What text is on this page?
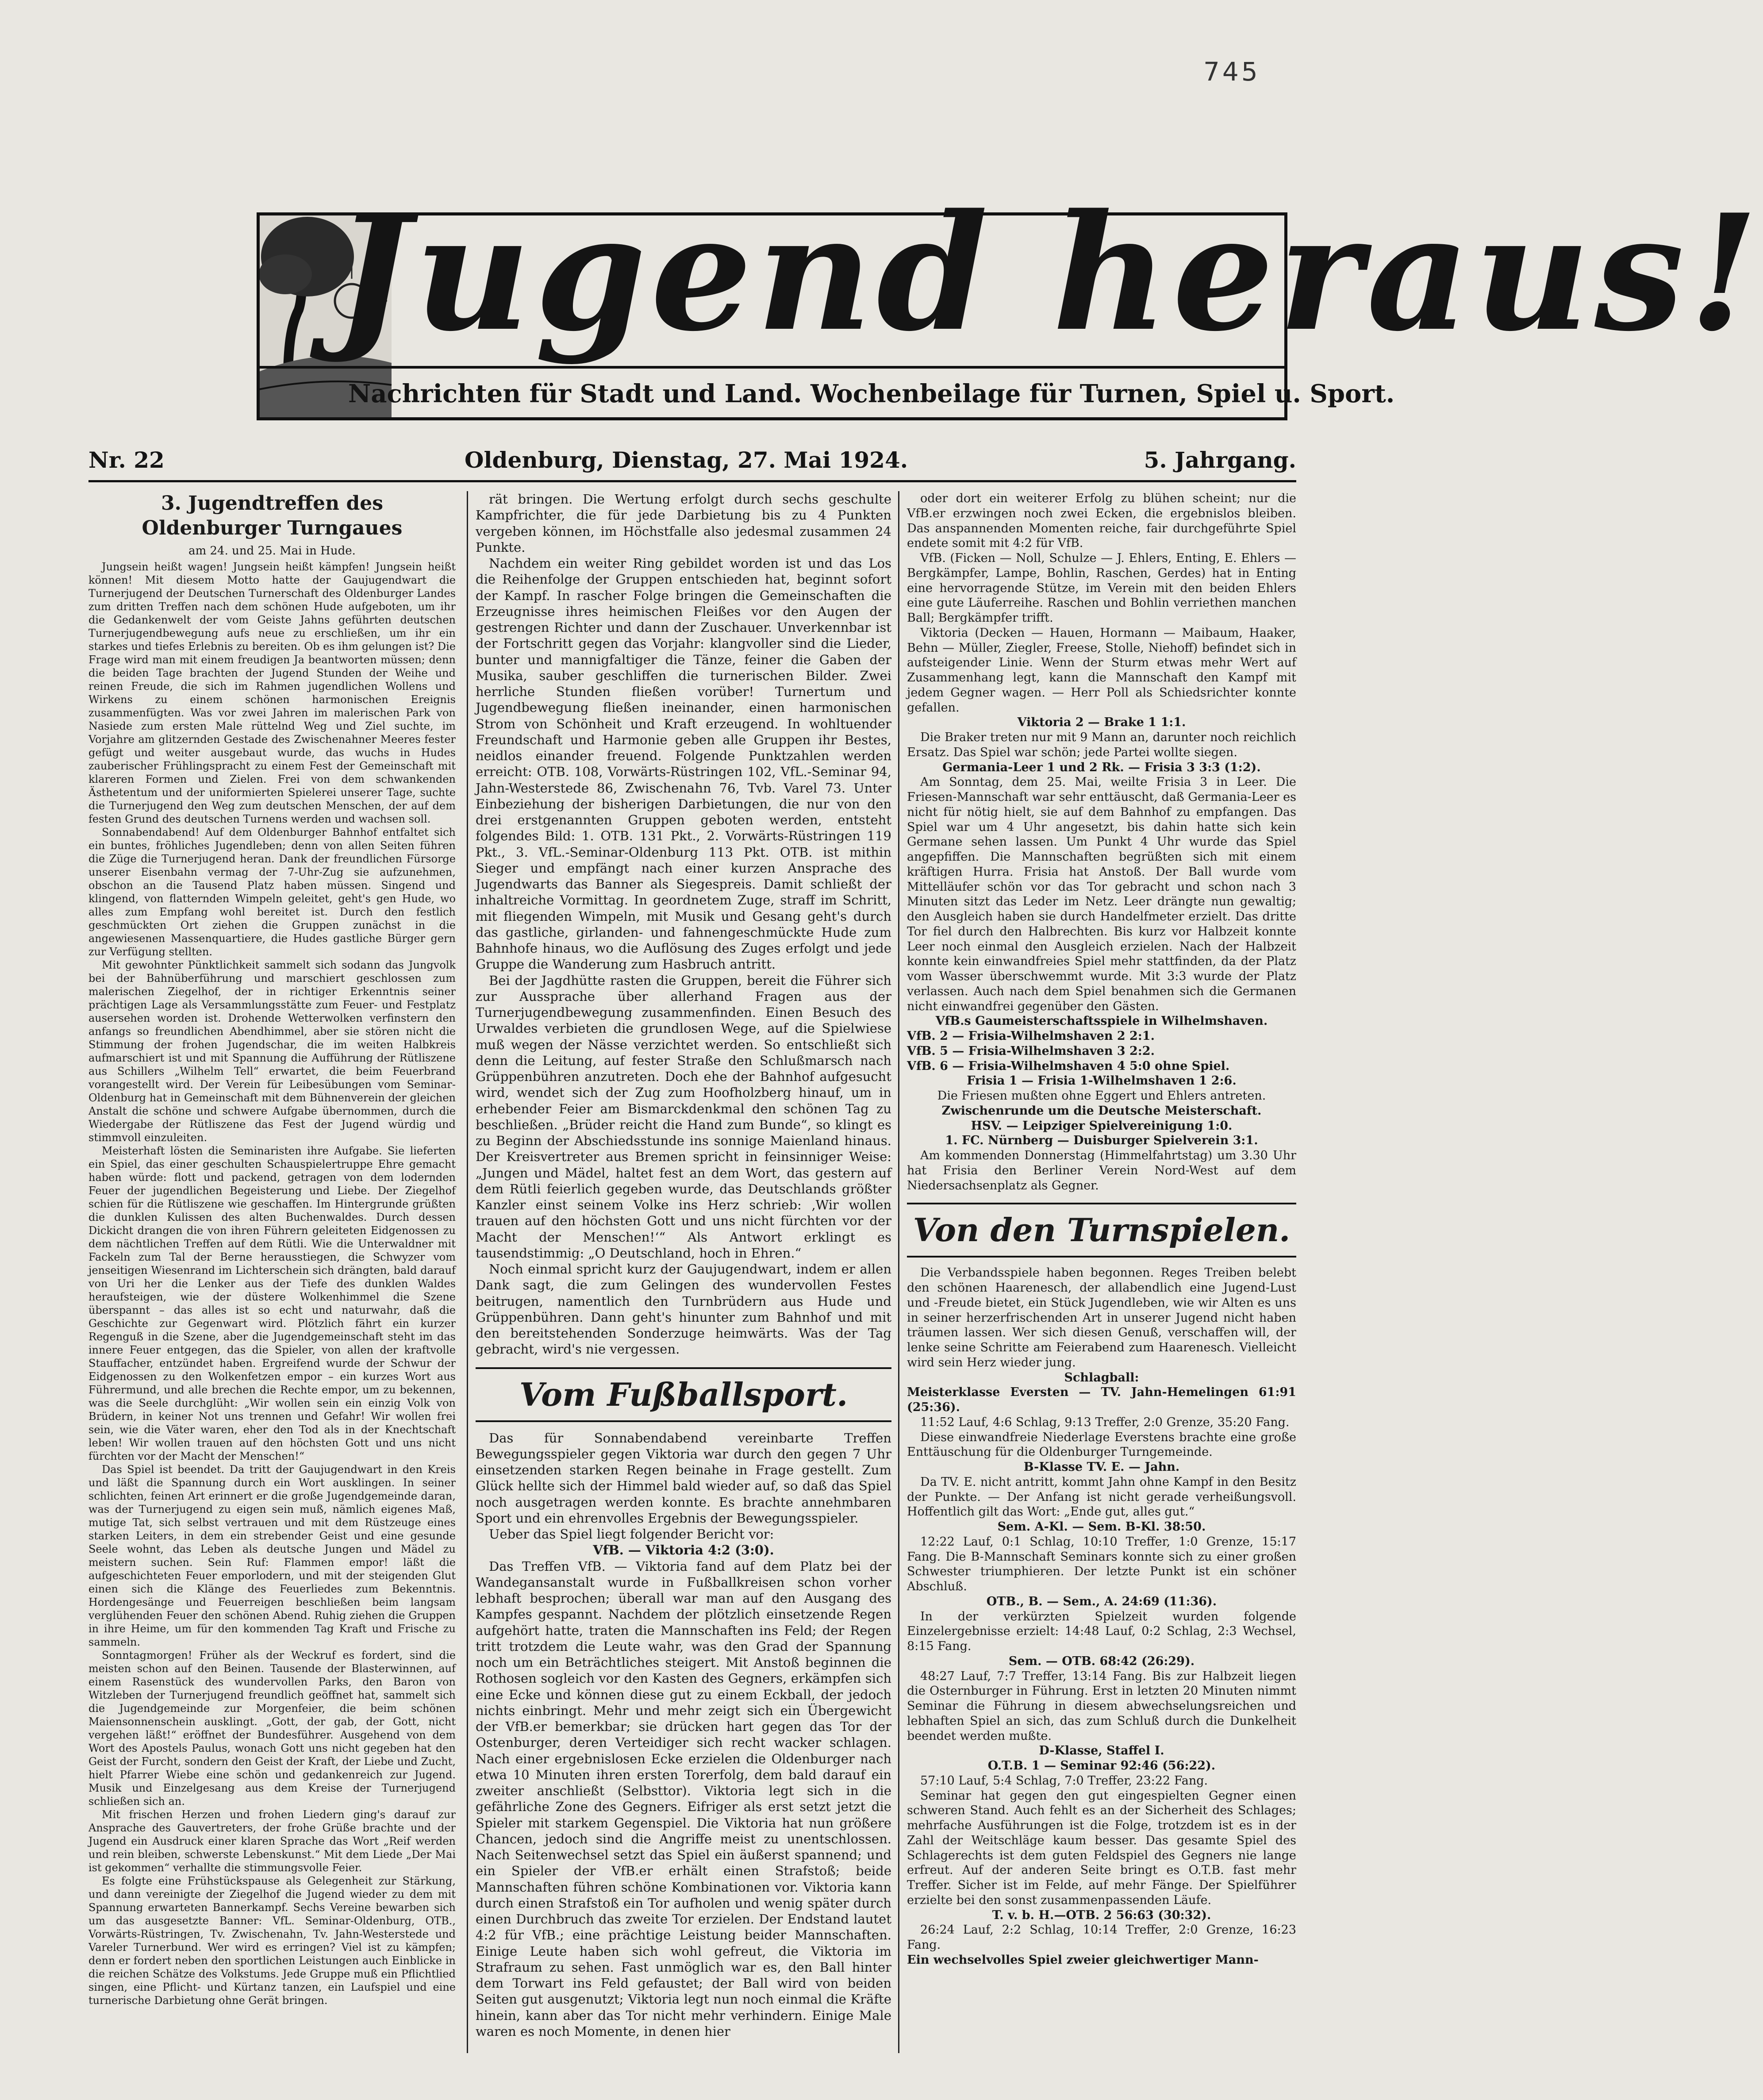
745
Jugend heraus!
Nachrichten für Stadt und Land. Wochenbeilage für Turnen, Spiel u. Sport.
Nr. 22	Oldenburg, Dienstag, 27. Mai 1924.	5. Jahrgang.

3. Jugendtreffen des Oldenburger Turngaues

am 24. und 25. Mai in Hude.

Jungsein heißt wagen! Jungsein heißt kämpfen! Jungsein heißt können! Mit diesem Motto hatte der Gaujugendwart die Turnerjugend der Deutschen Turnerschaft des Oldenburger Landes zum dritten Treffen nach dem schönen Hude aufgeboten, um ihr die Gedankenwelt der vom Geiste Jahns geführten deutschen Turnerjugendbewegung aufs neue zu erschließen, um ihr ein starkes und tiefes Erlebnis zu bereiten. Ob es ihm gelungen ist? Die Frage wird man mit einem freudigen Ja beantworten müssen; denn die beiden Tage brachten der Jugend Stunden der Weihe und reinen Freude, die sich im Rahmen jugendlichen Wollens und Wirkens zu einem schönen harmonischen Ereignis zusammenfügten. Was vor zwei Jahren im malerischen Park von Nasiede zum ersten Male rüttelnd Weg und Ziel suchte, im Vorjahre am glitzernden Gestade des Zwischenahner Meeres fester gefügt und weiter ausgebaut wurde, das wuchs in Hudes zauberischer Frühlingspracht zu einem Fest der Gemeinschaft mit klareren Formen und Zielen. Frei von dem schwankenden Ästhetentum und der uniformierten Spielerei unserer Tage, suchte die Turnerjugend den Weg zum deutschen Menschen, der auf dem festen Grund des deutschen Turnens werden und wachsen soll.

Sonnabendabend! Auf dem Oldenburger Bahnhof entfaltet sich ein buntes, fröhliches Jugendleben; denn von allen Seiten führen die Züge die Turnerjugend heran. Dank der freundlichen Fürsorge unserer Eisenbahn vermag der 7-Uhr-Zug sie aufzunehmen, obschon an die Tausend Platz haben müssen. Singend und klingend, von flatternden Wimpeln geleitet, geht's gen Hude, wo alles zum Empfang wohl bereitet ist. Durch den festlich geschmückten Ort ziehen die Gruppen zunächst in die angewiesenen Massenquartiere, die Hudes gastliche Bürger gern zur Verfügung stellten.

Mit gewohnter Pünktlichkeit sammelt sich sodann das Jungvolk bei der Bahnüberführung und marschiert geschlossen zum malerischen Ziegelhof, der in richtiger Erkenntnis seiner prächtigen Lage als Versammlungsstätte zum Feuer- und Festplatz ausersehen worden ist. Drohende Wetterwolken verfinstern den anfangs so freundlichen Abendhimmel, aber sie stören nicht die Stimmung der frohen Jugendschar, die im weiten Halbkreis aufmarschiert ist und mit Spannung die Aufführung der Rütliszene aus Schillers „Wilhelm Tell“ erwartet, die beim Feuerbrand vorangestellt wird. Der Verein für Leibesübungen vom Seminar-Oldenburg hat in Gemeinschaft mit dem Bühnenverein der gleichen Anstalt die schöne und schwere Aufgabe übernommen, durch die Wiedergabe der Rütliszene das Fest der Jugend würdig und stimmvoll einzuleiten.

Meisterhaft lösten die Seminaristen ihre Aufgabe. Sie lieferten ein Spiel, das einer geschulten Schauspielertruppe Ehre gemacht haben würde: flott und packend, getragen von dem lodernden Feuer der jugendlichen Begeisterung und Liebe. Der Ziegelhof schien für die Rütliszene wie geschaffen. Im Hintergrunde grüßten die dunklen Kulissen des alten Buchenwaldes. Durch dessen Dickicht drangen die von ihren Führern geleiteten Eidgenossen zu dem nächtlichen Treffen auf dem Rütli. Wie die Unterwaldner mit Fackeln zum Tal der Berne herausstiegen, die Schwyzer vom jenseitigen Wiesenrand im Lichterschein sich drängten, bald darauf von Uri her die Lenker aus der Tiefe des dunklen Waldes heraufsteigen, wie der düstere Wolkenhimmel die Szene überspannt – das alles ist so echt und naturwahr, daß die Geschichte zur Gegenwart wird. Plötzlich fährt ein kurzer Regenguß in die Szene, aber die Jugendgemeinschaft steht im das innere Feuer entgegen, das die Spieler, von allen der kraftvolle Stauffacher, entzündet haben. Ergreifend wurde der Schwur der Eidgenossen zu den Wolkenfetzen empor – ein kurzes Wort aus Führermund, und alle brechen die Rechte empor, um zu bekennen, was die Seele durchglüht: „Wir wollen sein ein einzig Volk von Brüdern, in keiner Not uns trennen und Gefahr! Wir wollen frei sein, wie die Väter waren, eher den Tod als in der Knechtschaft leben! Wir wollen trauen auf den höchsten Gott und uns nicht fürchten vor der Macht der Menschen!“

Das Spiel ist beendet. Da tritt der Gaujugendwart in den Kreis und läßt die Spannung durch ein Wort ausklingen. In seiner schlichten, feinen Art erinnert er die große Jugendgemeinde daran, was der Turnerjugend zu eigen sein muß, nämlich eigenes Maß, mutige Tat, sich selbst vertrauen und mit dem Rüstzeuge eines starken Leiters, in dem ein strebender Geist und eine gesunde Seele wohnt, das Leben als deutsche Jungen und Mädel zu meistern suchen. Sein Ruf: Flammen empor! läßt die aufgeschichteten Feuer emporlodern, und mit der steigenden Glut einen sich die Klänge des Feuerliedes zum Bekenntnis. Hordengesänge und Feuerreigen beschließen beim langsam verglühenden Feuer den schönen Abend. Ruhig ziehen die Gruppen in ihre Heime, um für den kommenden Tag Kraft und Frische zu sammeln.

Sonntagmorgen! Früher als der Weckruf es fordert, sind die meisten schon auf den Beinen. Tausende der Blasterwinnen, auf einem Rasenstück des wundervollen Parks, den Baron von Witzleben der Turnerjugend freundlich geöffnet hat, sammelt sich die Jugendgemeinde zur Morgenfeier, die beim schönen Maiensonnenschein ausklingt. „Gott, der gab, der Gott, nicht vergehen läßt!“ eröffnet der Bundesführer. Ausgehend von dem Wort des Apostels Paulus, wonach Gott uns nicht gegeben hat den Geist der Furcht, sondern den Geist der Kraft, der Liebe und Zucht, hielt Pfarrer Wiebe eine schön und gedankenreich zur Jugend. Musik und Einzelgesang aus dem Kreise der Turnerjugend schließen sich an.

Mit frischen Herzen und frohen Liedern ging's darauf zur Ansprache des Gauvertreters, der frohe Grüße brachte und der Jugend ein Ausdruck einer klaren Sprache das Wort „Reif werden und rein bleiben, schwerste Lebenskunst.“ Mit dem Liede „Der Mai ist gekommen“ verhallte die stimmungsvolle Feier.

Es folgte eine Frühstückspause als Gelegenheit zur Stärkung, und dann vereinigte der Ziegelhof die Jugend wieder zu dem mit Spannung erwarteten Bannerkampf. Sechs Vereine bewarben sich um das ausgesetzte Banner: VfL. Seminar-Oldenburg, OTB., Vorwärts-Rüstringen, Tv. Zwischenahn, Tv. Jahn-Westerstede und Vareler Turnerbund. Wer wird es erringen? Viel ist zu kämpfen; denn er fordert neben den sportlichen Leistungen auch Einblicke in die reichen Schätze des Volkstums. Jede Gruppe muß ein Pflichtlied singen, eine Pflicht- und Kürtanz tanzen, ein Laufspiel und eine turnerische Darbietung ohne Gerät bringen.

rät bringen. Die Wertung erfolgt durch sechs geschulte Kampfrichter, die für jede Darbietung bis zu 4 Punkten vergeben können, im Höchstfalle also jedesmal zusammen 24 Punkte.

Nachdem ein weiter Ring gebildet worden ist und das Los die Reihenfolge der Gruppen entschieden hat, beginnt sofort der Kampf. In rascher Folge bringen die Gemeinschaften die Erzeugnisse ihres heimischen Fleißes vor den Augen der gestrengen Richter und dann der Zuschauer. Unverkennbar ist der Fortschritt gegen das Vorjahr: klangvoller sind die Lieder, bunter und mannigfaltiger die Tänze, feiner die Gaben der Musika, sauber geschliffen die turnerischen Bilder. Zwei herrliche Stunden fließen vorüber! Turnertum und Jugendbewegung fließen ineinander, einen harmonischen Strom von Schönheit und Kraft erzeugend. In wohltuender Freundschaft und Harmonie geben alle Gruppen ihr Bestes, neidlos einander freuend. Folgende Punktzahlen werden erreicht: OTB. 108, Vorwärts-Rüstringen 102, VfL.-Seminar 94, Jahn-Westerstede 86, Zwischenahn 76, Tvb. Varel 73. Unter Einbeziehung der bisherigen Darbietungen, die nur von den drei erstgenannten Gruppen geboten werden, entsteht folgendes Bild: 1. OTB. 131 Pkt., 2. Vorwärts-Rüstringen 119 Pkt., 3. VfL.-Seminar-Oldenburg 113 Pkt. OTB. ist mithin Sieger und empfängt nach einer kurzen Ansprache des Jugendwarts das Banner als Siegespreis. Damit schließt der inhaltreiche Vormittag. In geordnetem Zuge, straff im Schritt, mit fliegenden Wimpeln, mit Musik und Gesang geht's durch das gastliche, girlanden- und fahnengeschmückte Hude zum Bahnhofe hinaus, wo die Auflösung des Zuges erfolgt und jede Gruppe die Wanderung zum Hasbruch antritt.

Bei der Jagdhütte rasten die Gruppen, bereit die Führer sich zur Aussprache über allerhand Fragen aus der Turnerjugendbewegung zusammenfinden. Einen Besuch des Urwaldes verbieten die grundlosen Wege, auf die Spielwiese muß wegen der Nässe verzichtet werden. So entschließt sich denn die Leitung, auf fester Straße den Schlußmarsch nach Grüppenbühren anzutreten. Doch ehe der Bahnhof aufgesucht wird, wendet sich der Zug zum Hoofholzberg hinauf, um in erhebender Feier am Bismarckdenkmal den schönen Tag zu beschließen. „Brüder reicht die Hand zum Bunde“, so klingt es zu Beginn der Abschiedsstunde ins sonnige Maienland hinaus. Der Kreisvertreter aus Bremen spricht in feinsinniger Weise: „Jungen und Mädel, haltet fest an dem Wort, das gestern auf dem Rütli feierlich gegeben wurde, das Deutschlands größter Kanzler einst seinem Volke ins Herz schrieb: ‚Wir wollen trauen auf den höchsten Gott und uns nicht fürchten vor der Macht der Menschen!‘“ Als Antwort erklingt es tausendstimmig: „O Deutschland, hoch in Ehren.“

Noch einmal spricht kurz der Gaujugendwart, indem er allen Dank sagt, die zum Gelingen des wundervollen Festes beitrugen, namentlich den Turnbrüdern aus Hude und Grüppenbühren. Dann geht's hinunter zum Bahnhof und mit den bereitstehenden Sonderzuge heimwärts. Was der Tag gebracht, wird's nie vergessen.

Vom Fußballsport.

Das für Sonnabendabend vereinbarte Treffen Bewegungsspieler gegen Viktoria war durch den gegen 7 Uhr einsetzenden starken Regen beinahe in Frage gestellt. Zum Glück hellte sich der Himmel bald wieder auf, so daß das Spiel noch ausgetragen werden konnte. Es brachte annehmbaren Sport und ein ehrenvolles Ergebnis der Bewegungsspieler.

Ueber das Spiel liegt folgender Bericht vor:

VfB. — Viktoria 4:2 (3:0).

Das Treffen VfB. — Viktoria fand auf dem Platz bei der Wandegansanstalt wurde in Fußballkreisen schon vorher lebhaft besprochen; überall war man auf den Ausgang des Kampfes gespannt. Nachdem der plötzlich einsetzende Regen aufgehört hatte, traten die Mannschaften ins Feld; der Regen tritt trotzdem die Leute wahr, was den Grad der Spannung noch um ein Beträchtliches steigert. Mit Anstoß beginnen die Rothosen sogleich vor den Kasten des Gegners, erkämpfen sich eine Ecke und können diese gut zu einem Eckball, der jedoch nichts einbringt. Mehr und mehr zeigt sich ein Übergewicht der VfB.er bemerkbar; sie drücken hart gegen das Tor der Ostenburger, deren Verteidiger sich recht wacker schlagen. Nach einer ergebnislosen Ecke erzielen die Oldenburger nach etwa 10 Minuten ihren ersten Torerfolg, dem bald darauf ein zweiter anschließt (Selbsttor). Viktoria legt sich in die gefährliche Zone des Gegners. Eifriger als erst setzt jetzt die Spieler mit starkem Gegenspiel. Die Viktoria hat nun größere Chancen, jedoch sind die Angriffe meist zu unentschlossen. Nach Seitenwechsel setzt das Spiel ein äußerst spannend; und ein Spieler der VfB.er erhält einen Strafstoß; beide Mannschaften führen schöne Kombinationen vor. Viktoria kann durch einen Strafstoß ein Tor aufholen und wenig später durch einen Durchbruch das zweite Tor erzielen. Der Endstand lautet 4:2 für VfB.; eine prächtige Leistung beider Mannschaften. Einige Leute haben sich wohl gefreut, die Viktoria im Strafraum zu sehen. Fast unmöglich war es, den Ball hinter dem Torwart ins Feld gefaustet; der Ball wird von beiden Seiten gut ausgenutzt; Viktoria legt nun noch einmal die Kräfte hinein, kann aber das Tor nicht mehr verhindern. Einige Male waren es noch Momente, in denen hier

oder dort ein weiterer Erfolg zu blühen scheint; nur die VfB.er erzwingen noch zwei Ecken, die ergebnislos bleiben. Das anspannenden Momenten reiche, fair durchgeführte Spiel endete somit mit 4:2 für VfB.

VfB. (Ficken — Noll, Schulze — J. Ehlers, Enting, E. Ehlers — Bergkämpfer, Lampe, Bohlin, Raschen, Gerdes) hat in Enting eine hervorragende Stütze, im Verein mit den beiden Ehlers eine gute Läuferreihe. Raschen und Bohlin verriethen manchen Ball; Bergkämpfer trifft.

Viktoria (Decken — Hauen, Hormann — Maibaum, Haaker, Behn — Müller, Ziegler, Freese, Stolle, Niehoff) befindet sich in aufsteigender Linie. Wenn der Sturm etwas mehr Wert auf Zusammenhang legt, kann die Mannschaft den Kampf mit jedem Gegner wagen. — Herr Poll als Schiedsrichter konnte gefallen.

Viktoria 2 — Brake 1 1:1.

Die Braker treten nur mit 9 Mann an, darunter noch reichlich Ersatz. Das Spiel war schön; jede Partei wollte siegen.

Germania-Leer 1 und 2 Rk. — Frisia 3 3:3 (1:2).

Am Sonntag, dem 25. Mai, weilte Frisia 3 in Leer. Die Friesen-Mannschaft war sehr enttäuscht, daß Germania-Leer es nicht für nötig hielt, sie auf dem Bahnhof zu empfangen. Das Spiel war um 4 Uhr angesetzt, bis dahin hatte sich kein Germane sehen lassen. Um Punkt 4 Uhr wurde das Spiel angepfiffen. Die Mannschaften begrüßten sich mit einem kräftigen Hurra. Frisia hat Anstoß. Der Ball wurde vom Mittelläufer schön vor das Tor gebracht und schon nach 3 Minuten sitzt das Leder im Netz. Leer drängte nun gewaltig; den Ausgleich haben sie durch Handelfmeter erzielt. Das dritte Tor fiel durch den Halbrechten. Bis kurz vor Halbzeit konnte Leer noch einmal den Ausgleich erzielen. Nach der Halbzeit konnte kein einwandfreies Spiel mehr stattfinden, da der Platz vom Wasser überschwemmt wurde. Mit 3:3 wurde der Platz verlassen. Auch nach dem Spiel benahmen sich die Germanen nicht einwandfrei gegenüber den Gästen.

VfB.s Gaumeisterschaftsspiele in Wilhelmshaven.

VfB. 2 — Frisia-Wilhelmshaven 2 2:1.

VfB. 5 — Frisia-Wilhelmshaven 3 2:2.

VfB. 6 — Frisia-Wilhelmshaven 4 5:0 ohne Spiel.

Frisia 1 — Frisia 1-Wilhelmshaven 1 2:6.

Die Friesen mußten ohne Eggert und Ehlers antreten.

Zwischenrunde um die Deutsche Meisterschaft.

HSV. — Leipziger Spielvereinigung 1:0.

1. FC. Nürnberg — Duisburger Spielverein 3:1.

Am kommenden Donnerstag (Himmelfahrtstag) um 3.30 Uhr hat Frisia den Berliner Verein Nord-West auf dem Niedersachsenplatz als Gegner.

Von den Turnspielen.

Die Verbandsspiele haben begonnen. Reges Treiben belebt den schönen Haarenesch, der allabendlich eine Jugend-Lust und -Freude bietet, ein Stück Jugendleben, wie wir Alten es uns in seiner herzerfrischenden Art in unserer Jugend nicht haben träumen lassen. Wer sich diesen Genuß, verschaffen will, der lenke seine Schritte am Feierabend zum Haarenesch. Vielleicht wird sein Herz wieder jung.

Schlagball:

Meisterklasse Eversten — TV. Jahn-Hemelingen 61:91 (25:36).

11:52 Lauf, 4:6 Schlag, 9:13 Treffer, 2:0 Grenze, 35:20 Fang.

Diese einwandfreie Niederlage Everstens brachte eine große Enttäuschung für die Oldenburger Turngemeinde.

B-Klasse TV. E. — Jahn.

Da TV. E. nicht antritt, kommt Jahn ohne Kampf in den Besitz der Punkte. — Der Anfang ist nicht gerade verheißungsvoll. Hoffentlich gilt das Wort: „Ende gut, alles gut.“

Sem. A-Kl. — Sem. B-Kl. 38:50.

12:22 Lauf, 0:1 Schlag, 10:10 Treffer, 1:0 Grenze, 15:17 Fang. Die B-Mannschaft Seminars konnte sich zu einer großen Schwester triumphieren. Der letzte Punkt ist ein schöner Abschluß.

OTB., B. — Sem., A. 24:69 (11:36).

In der verkürzten Spielzeit wurden folgende Einzelergebnisse erzielt: 14:48 Lauf, 0:2 Schlag, 2:3 Wechsel, 8:15 Fang.

Sem. — OTB. 68:42 (26:29).

48:27 Lauf, 7:7 Treffer, 13:14 Fang. Bis zur Halbzeit liegen die Osternburger in Führung. Erst in letzten 20 Minuten nimmt Seminar die Führung in diesem abwechselungsreichen und lebhaften Spiel an sich, das zum Schluß durch die Dunkelheit beendet werden mußte.

D-Klasse, Staffel I.

O.T.B. 1 — Seminar 92:46 (56:22).

57:10 Lauf, 5:4 Schlag, 7:0 Treffer, 23:22 Fang.

Seminar hat gegen den gut eingespielten Gegner einen schweren Stand. Auch fehlt es an der Sicherheit des Schlages; mehrfache Ausführungen ist die Folge, trotzdem ist es in der Zahl der Weitschläge kaum besser. Das gesamte Spiel des Schlagerechts ist dem guten Feldspiel des Gegners nie lange erfreut. Auf der anderen Seite bringt es O.T.B. fast mehr Treffer. Sicher ist im Felde, auf mehr Fänge. Der Spielführer erzielte bei den sonst zusammenpassenden Läufe.

T. v. b. H.—OTB. 2 56:63 (30:32).

26:24 Lauf, 2:2 Schlag, 10:14 Treffer, 2:0 Grenze, 16:23 Fang.

Ein wechselvolles Spiel zweier gleichwertiger Mann-
